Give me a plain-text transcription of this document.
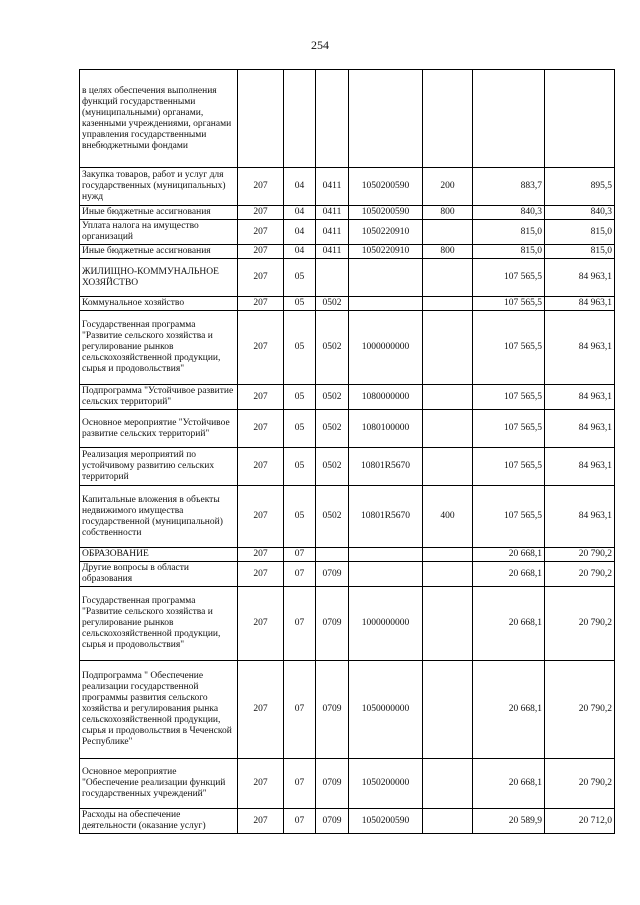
254
в целях обеспечения выполнения функций государственными (муниципальными) органами, казенными учреждениями, органами управления государственными внебюджетными фондами							
Закупка товаров, работ и услуг для государственных (муниципальных) нужд	207	04	0411	1050200590	200	883,7	895,5
Иные бюджетные ассигнования	207	04	0411	1050200590	800	840,3	840,3
Уплата налога на имущество организаций	207	04	0411	1050220910		815,0	815,0
Иные бюджетные ассигнования	207	04	0411	1050220910	800	815,0	815,0
ЖИЛИЩНО-КОММУНАЛЬНОЕ ХОЗЯЙСТВО	207	05				107 565,5	84 963,1
Коммунальное хозяйство	207	05	0502			107 565,5	84 963,1
Государственная программа "Развитие сельского хозяйства и регулирование рынков сельскохозяйственной продукции, сырья и продовольствия"	207	05	0502	1000000000		107 565,5	84 963,1
Подпрограмма "Устойчивое развитие сельских территорий"	207	05	0502	1080000000		107 565,5	84 963,1
Основное мероприятие "Устойчивое развитие сельских территорий"	207	05	0502	1080100000		107 565,5	84 963,1
Реализация мероприятий по устойчивому развитию сельских территорий	207	05	0502	10801R5670		107 565,5	84 963,1
Капитальные вложения в объекты недвижимого имущества государственной (муниципальной) собственности	207	05	0502	10801R5670	400	107 565,5	84 963,1
ОБРАЗОВАНИЕ	207	07				20 668,1	20 790,2
Другие вопросы в области образования	207	07	0709			20 668,1	20 790,2
Государственная программа "Развитие сельского хозяйства и регулирование рынков сельскохозяйственной продукции, сырья и продовольствия"	207	07	0709	1000000000		20 668,1	20 790,2
Подпрограмма " Обеспечение реализации государственной программы развития сельского хозяйства и регулирования рынка сельскохозяйственной продукции, сырья и продовольствия в Чеченской Республике"	207	07	0709	1050000000		20 668,1	20 790,2
Основное мероприятие "Обеспечение реализации функций государственных учреждений"	207	07	0709	1050200000		20 668,1	20 790,2
Расходы на обеспечение деятельности (оказание услуг)	207	07	0709	1050200590		20 589,9	20 712,0
